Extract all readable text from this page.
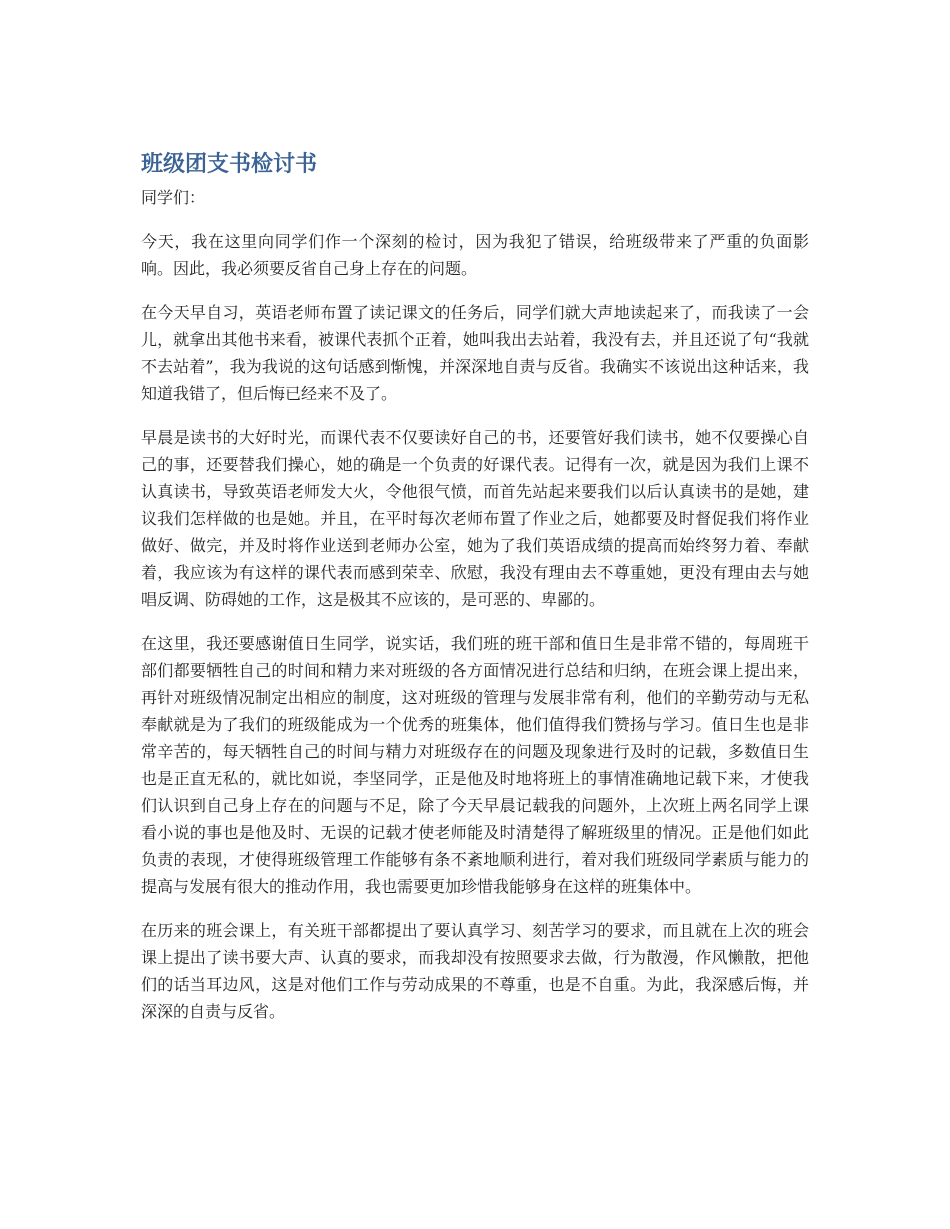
班级团支书检讨书

同学们：

今天，我在这里向同学们作一个深刻的检讨，因为我犯了错误，给班级带来了严重的负面影响。因此，我必须要反省自己身上存在的问题。

在今天早自习，英语老师布置了读记课文的任务后，同学们就大声地读起来了，而我读了一会儿，就拿出其他书来看，被课代表抓个正着，她叫我出去站着，我没有去，并且还说了句“我就不去站着”，我为我说的这句话感到惭愧，并深深地自责与反省。我确实不该说出这种话来，我知道我错了，但后悔已经来不及了。

早晨是读书的大好时光，而课代表不仅要读好自己的书，还要管好我们读书，她不仅要操心自己的事，还要替我们操心，她的确是一个负责的好课代表。记得有一次，就是因为我们上课不认真读书，导致英语老师发大火，令他很气愤，而首先站起来要我们以后认真读书的是她，建议我们怎样做的也是她。并且，在平时每次老师布置了作业之后，她都要及时督促我们将作业做好、做完，并及时将作业送到老师办公室，她为了我们英语成绩的提高而始终努力着、奉献着，我应该为有这样的课代表而感到荣幸、欣慰，我没有理由去不尊重她，更没有理由去与她唱反调、防碍她的工作，这是极其不应该的，是可恶的、卑鄙的。

在这里，我还要感谢值日生同学，说实话，我们班的班干部和值日生是非常不错的，每周班干部们都要牺牲自己的时间和精力来对班级的各方面情况进行总结和归纳，在班会课上提出来，再针对班级情况制定出相应的制度，这对班级的管理与发展非常有利，他们的辛勤劳动与无私奉献就是为了我们的班级能成为一个优秀的班集体，他们值得我们赞扬与学习。值日生也是非常辛苦的，每天牺牲自己的时间与精力对班级存在的问题及现象进行及时的记载，多数值日生也是正直无私的，就比如说，李坚同学，正是他及时地将班上的事情准确地记载下来，才使我们认识到自己身上存在的问题与不足，除了今天早晨记载我的问题外，上次班上两名同学上课看小说的事也是他及时、无误的记载才使老师能及时清楚得了解班级里的情况。正是他们如此负责的表现，才使得班级管理工作能够有条不紊地顺利进行，着对我们班级同学素质与能力的提高与发展有很大的推动作用，我也需要更加珍惜我能够身在这样的班集体中。

在历来的班会课上，有关班干部都提出了要认真学习、刻苦学习的要求，而且就在上次的班会课上提出了读书要大声、认真的要求，而我却没有按照要求去做，行为散漫，作风懒散，把他们的话当耳边风，这是对他们工作与劳动成果的不尊重，也是不自重。为此，我深感后悔，并深深的自责与反省。
